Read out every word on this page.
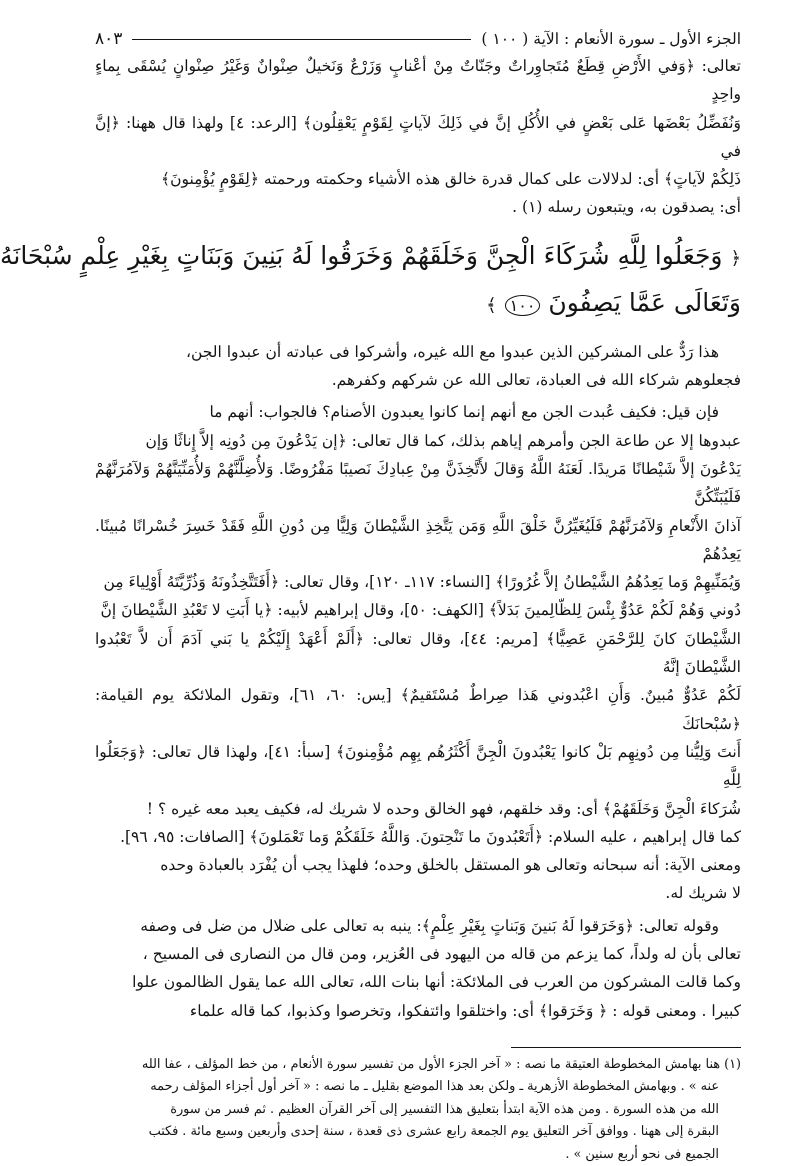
الجزء الأول ـ سورة الأنعام : الآية ( ١٠٠ )
٨٠٣

تعالى: ﴿وَفي الأَرْضِ قِطَعٌ مُتَجاوِراتٌ وجَنّاتٌ مِنْ أعْنابٍ وَزَرْعٌ وَنَخيلٌ صِنْوانٌ وَغَيْرُ صِنْوانٍ يُسْقَى بِماءٍ واحِدٍ

وَنُفَضِّلُ بَعْضَها عَلى بَعْضٍ في الأُكُلِ إنَّ في ذَلِكَ لآياتٍ لِقَوْمٍ يَعْقِلُون﴾ [الرعد: ٤] ولهذا قال ههنا: ﴿إنَّ في

ذَلِكُمْ لآياتٍ﴾ أى: لدلالات على كمال قدرة خالق هذه الأشياء وحكمته ورحمته ﴿لِقَوْمٍ يُؤْمِنونَ﴾

أى: يصدقون به، ويتبعون رسله (١) .

﴿ وَجَعَلُوا لِلَّهِ شُرَكَاءَ الْجِنَّ وَخَلَقَهُمْ وَخَرَقُوا لَهُ بَنِينَ وَبَنَاتٍ بِغَيْرِ عِلْمٍ سُبْحَانَهُ
وَتَعَالَى عَمَّا يَصِفُونَ ١٠٠ ﴾

هذا رَدٌّ على المشركين الذين عبدوا مع الله غيره، وأشركوا فى عبادته أن عبدوا الجن،

فجعلوهم شركاء الله فى العبادة، تعالى الله عن شركهم وكفرهم.

فإن قيل: فكيف عُبدت الجن مع أنهم إنما كانوا يعبدون الأصنام؟ فالجواب: أنهم ما

عبدوها إلا عن طاعة الجن وأمرهم إياهم بذلك، كما قال تعالى: ﴿إن يَدْعُونَ مِن دُونِه إلاَّ إِناثًا وَإن

يَدْعُونَ إلاَّ شَيْطانًا مَريدًا. لَعَنَهُ اللَّهُ وَقالَ لأَتَّخِذَنَّ مِنْ عِبادِكَ نَصيبًا مَفْرُوضًا. وَلأُضِلَّنَّهُمْ وَلأُمَنِّيَنَّهُمْ وَلآمُرَنَّهُمْ فَلَيُبَتِّكُنَّ

آذانَ الأَنْعامِ وَلآمُرَنَّهُمْ فَلَيُغَيِّرُنَّ خَلْقَ اللَّهِ وَمَن يَتَّخِذِ الشَّيْطانَ وَلِيًّا مِن دُونِ اللَّهِ فَقَدْ خَسِرَ خُسْرانًا مُبينًا. يَعِدُهُمْ

وَيُمَنِّيهِمْ وَما يَعِدُهُمُ الشَّيْطانُ إلاَّ غُرُورًا﴾ [النساء: ١١٧ـ ١٢٠]، وقال تعالى: ﴿أَفَتَتَّخِذُونَهُ وَذُرِّيَّتَهُ أَوْلِياءَ مِن

دُوني وَهُمْ لَكُمْ عَدُوٌّ بِئْسَ لِلظّالِمينَ بَدَلاً﴾ [الكهف: ٥٠]، وقال إبراهيم لأبيه: ﴿يا أَبَتِ لا تَعْبُدِ الشَّيْطانَ إنَّ

الشَّيْطانَ كانَ لِلرَّحْمَنِ عَصِيًّا﴾ [مريم: ٤٤]، وقال تعالى: ﴿أَلَمْ أَعْهَدْ إِلَيْكُمْ يا بَني آدَمَ أَن لاَّ تَعْبُدوا الشَّيْطانَ إنَّهُ

لَكُمْ عَدُوٌّ مُبينٌ. وَأَنِ اعْبُدوني هَذا صِراطٌ مُسْتَقيمٌ﴾ [يس: ٦٠، ٦١]، وتقول الملائكة يوم القيامة: ﴿سُبْحانَكَ

أَنتَ وَلِيُّنا مِن دُونِهِم بَلْ كانوا يَعْبُدونَ الْجِنَّ أَكْثَرُهُم بِهِم مُؤْمِنونَ﴾ [سبأ: ٤١]، ولهذا قال تعالى: ﴿وَجَعَلُوا لِلَّهِ

شُرَكاءَ الْجِنَّ وَخَلَقَهُمْ﴾ أى: وقد خلقهم، فهو الخالق وحده لا شريك له، فكيف يعبد معه غيره ؟ !

كما قال إبراهيم ، عليه السلام: ﴿أَتَعْبُدونَ ما تَنْحِتونَ. وَاللَّهُ خَلَقَكُمْ وَما تَعْمَلونَ﴾ [الصافات: ٩٥، ٩٦].

ومعنى الآية: أنه سبحانه وتعالى هو المستقل بالخلق وحده؛ فلهذا يجب أن يُفْرَد بالعبادة وحده

لا شريك له.

وقوله تعالى: ﴿وَخَرَقوا لَهُ بَنينَ وَبَناتٍ بِغَيْرِ عِلْمٍ﴾: ينبه به تعالى على ضلال من ضل فى وصفه

تعالى بأن له ولداً، كما يزعم من قاله من اليهود فى العُزير، ومن قال من النصارى فى المسيح ،

وكما قالت المشركون من العرب فى الملائكة: أنها بنات الله، تعالى الله عما يقول الظالمون علوا

كبيرا . ومعنى قوله : ﴿ وَخَرَقوا﴾ أى: واختلقوا وائتفكوا، وتخرصوا وكذبوا، كما قاله علماء

(١) هنا بهامش المخطوطة العتيقة ما نصه : « آخر الجزء الأول من تفسير سورة الأنعام ، من خط المؤلف ، عفا الله

عنه » . وبهامش المخطوطة الأزهرية ـ ولكن بعد هذا الموضع بقليل ـ ما نصه : « آخر أول أجزاء المؤلف رحمه

الله من هذه السورة . ومن هذه الآية ابتدأ بتعليق هذا التفسير إلى آخر القرآن العظيم . ثم فسر من سورة

البقرة إلى ههنا . ووافق آخر التعليق يوم الجمعة رابع عشرى ذى قعدة ، سنة إحدى وأربعين وسبع مائة . فكتب

الجميع فى نحو أربع سنين » .
